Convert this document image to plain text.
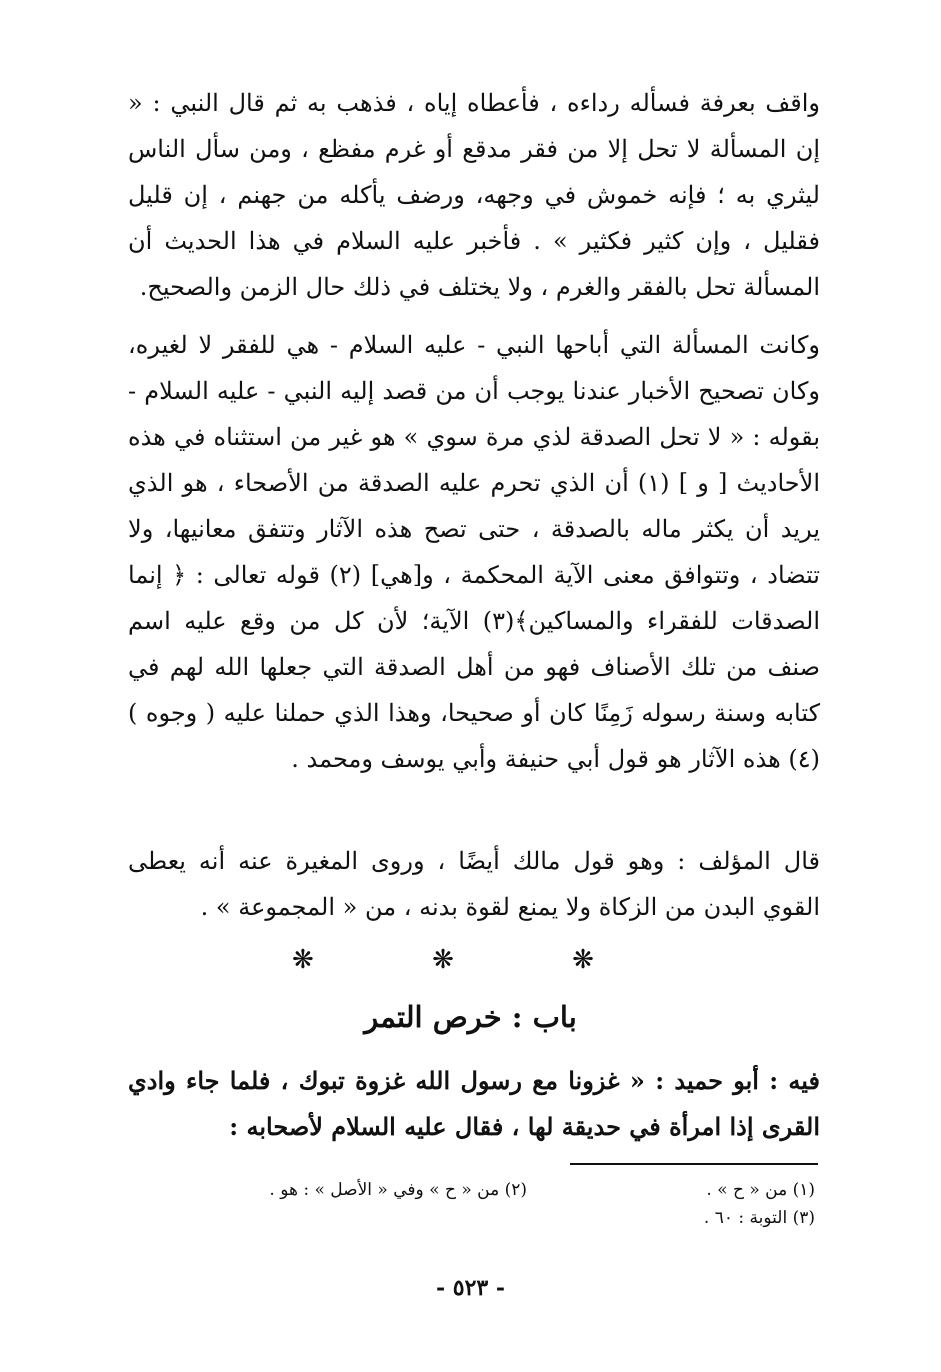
واقف بعرفة فسأله رداءه ، فأعطاه إياه ، فذهب به ثم قال النبي : « إن المسألة لا تحل إلا من فقر مدقع أو غرم مفظع ، ومن سأل الناس ليثري به ؛ فإنه خموش في وجهه، ورضف يأكله من جهنم ، إن قليل فقليل ، وإن كثير فكثير » . فأخبر عليه السلام في هذا الحديث أن المسألة تحل بالفقر والغرم ، ولا يختلف في ذلك حال الزمن والصحيح.

وكانت المسألة التي أباحها النبي - عليه السلام - هي للفقر لا لغيره، وكان تصحيح الأخبار عندنا يوجب أن من قصد إليه النبي - عليه السلام - بقوله : « لا تحل الصدقة لذي مرة سوي » هو غير من استثناه في هذه الأحاديث [ و ] (١) أن الذي تحرم عليه الصدقة من الأصحاء ، هو الذي يريد أن يكثر ماله بالصدقة ، حتى تصح هذه الآثار وتتفق معانيها، ولا تتضاد ، وتتوافق معنى الآية المحكمة ، و[هي] (٢) قوله تعالى : ﴿ إنما الصدقات للفقراء والمساكين﴾(٣) الآية؛ لأن كل من وقع عليه اسم صنف من تلك الأصناف فهو من أهل الصدقة التي جعلها الله لهم في كتابه وسنة رسوله زَمِنًا كان أو صحيحا، وهذا الذي حملنا عليه ( وجوه ) (٤) هذه الآثار هو قول أبي حنيفة وأبي يوسف ومحمد .

قال المؤلف : وهو قول مالك أيضًا ، وروى المغيرة عنه أنه يعطى القوي البدن من الزكاة ولا يمنع لقوة بدنه ، من « المجموعة » .

❋ ❋ ❋
باب : خرص التمر

فيه : أبو حميد : « غزونا مع رسول الله غزوة تبوك ، فلما جاء وادي القرى إذا امرأة في حديقة لها ، فقال عليه السلام لأصحابه :

(١) من « ح » .
(٢) من « ح » وفي « الأصل » : هو .
(٣) التوبة : ٦٠ .
- ٥٢٣ -
